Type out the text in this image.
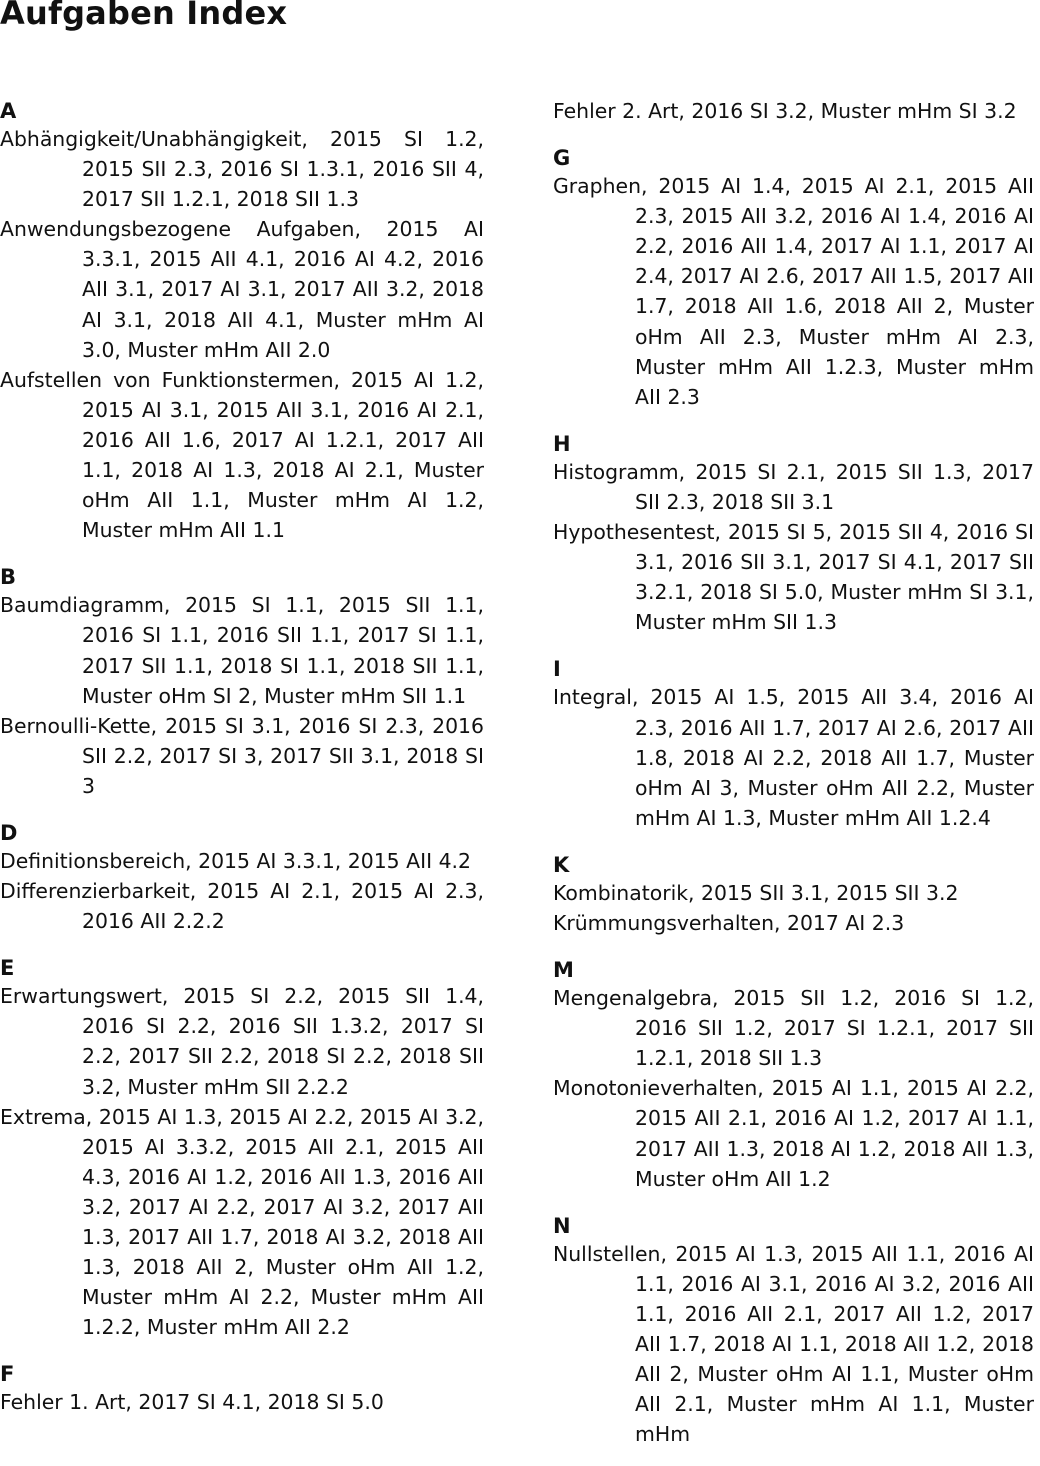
Aufgaben Index
A
Abhängigkeit/Unabhängigkeit, 2015 SI 1.2, 2015 SII 2.3, 2016 SI 1.3.1, 2016 SII 4, 2017 SII 1.2.1, 2018 SII 1.3
Anwendungsbezogene Aufgaben, 2015 AI 3.3.1, 2015 AII 4.1, 2016 AI 4.2, 2016 AII 3.1, 2017 AI 3.1, 2017 AII 3.2, 2018 AI 3.1, 2018 AII 4.1, Muster mHm AI 3.0, Muster mHm AII 2.0
Aufstellen von Funktionstermen, 2015 AI 1.2, 2015 AI 3.1, 2015 AII 3.1, 2016 AI 2.1, 2016 AII 1.6, 2017 AI 1.2.1, 2017 AII 1.1, 2018 AI 1.3, 2018 AI 2.1, Muster oHm AII 1.1, Muster mHm AI 1.2, Muster mHm AII 1.1
B
Baumdiagramm, 2015 SI 1.1, 2015 SII 1.1, 2016 SI 1.1, 2016 SII 1.1, 2017 SI 1.1, 2017 SII 1.1, 2018 SI 1.1, 2018 SII 1.1, Muster oHm SI 2, Muster mHm SII 1.1
Bernoulli-Kette, 2015 SI 3.1, 2016 SI 2.3, 2016 SII 2.2, 2017 SI 3, 2017 SII 3.1, 2018 SI 3
D
Definitionsbereich, 2015 AI 3.3.1, 2015 AII 4.2
Differenzierbarkeit, 2015 AI 2.1, 2015 AI 2.3, 2016 AII 2.2.2
E
Erwartungswert, 2015 SI 2.2, 2015 SII 1.4, 2016 SI 2.2, 2016 SII 1.3.2, 2017 SI 2.2, 2017 SII 2.2, 2018 SI 2.2, 2018 SII 3.2, Muster mHm SII 2.2.2
Extrema, 2015 AI 1.3, 2015 AI 2.2, 2015 AI 3.2, 2015 AI 3.3.2, 2015 AII 2.1, 2015 AII 4.3, 2016 AI 1.2, 2016 AII 1.3, 2016 AII 3.2, 2017 AI 2.2, 2017 AI 3.2, 2017 AII 1.3, 2017 AII 1.7, 2018 AI 3.2, 2018 AII 1.3, 2018 AII 2, Muster oHm AII 1.2, Muster mHm AI 2.2, Muster mHm AII 1.2.2, Muster mHm AII 2.2
F
Fehler 1. Art, 2017 SI 4.1, 2018 SI 5.0
Fehler 2. Art, 2016 SI 3.2, Muster mHm SI 3.2
G
Graphen, 2015 AI 1.4, 2015 AI 2.1, 2015 AII 2.3, 2015 AII 3.2, 2016 AI 1.4, 2016 AI 2.2, 2016 AII 1.4, 2017 AI 1.1, 2017 AI 2.4, 2017 AI 2.6, 2017 AII 1.5, 2017 AII 1.7, 2018 AII 1.6, 2018 AII 2, Muster oHm AII 2.3, Muster mHm AI 2.3, Muster mHm AII 1.2.3, Muster mHm AII 2.3
H
Histogramm, 2015 SI 2.1, 2015 SII 1.3, 2017 SII 2.3, 2018 SII 3.1
Hypothesentest, 2015 SI 5, 2015 SII 4, 2016 SI 3.1, 2016 SII 3.1, 2017 SI 4.1, 2017 SII 3.2.1, 2018 SI 5.0, Muster mHm SI 3.1, Muster mHm SII 1.3
I
Integral, 2015 AI 1.5, 2015 AII 3.4, 2016 AI 2.3, 2016 AII 1.7, 2017 AI 2.6, 2017 AII 1.8, 2018 AI 2.2, 2018 AII 1.7, Muster oHm AI 3, Muster oHm AII 2.2, Muster mHm AI 1.3, Muster mHm AII 1.2.4
K
Kombinatorik, 2015 SII 3.1, 2015 SII 3.2
Krümmungsverhalten, 2017 AI 2.3
M
Mengenalgebra, 2015 SII 1.2, 2016 SI 1.2, 2016 SII 1.2, 2017 SI 1.2.1, 2017 SII 1.2.1, 2018 SII 1.3
Monotonieverhalten, 2015 AI 1.1, 2015 AI 2.2, 2015 AII 2.1, 2016 AI 1.2, 2017 AI 1.1, 2017 AII 1.3, 2018 AI 1.2, 2018 AII 1.3, Muster oHm AII 1.2
N
Nullstellen, 2015 AI 1.3, 2015 AII 1.1, 2016 AI 1.1, 2016 AI 3.1, 2016 AI 3.2, 2016 AII 1.1, 2016 AII 2.1, 2017 AII 1.2, 2017 AII 1.7, 2018 AI 1.1, 2018 AII 1.2, 2018 AII 2, Muster oHm AI 1.1, Muster oHm AII 2.1, Muster mHm AI 1.1, Muster mHm
